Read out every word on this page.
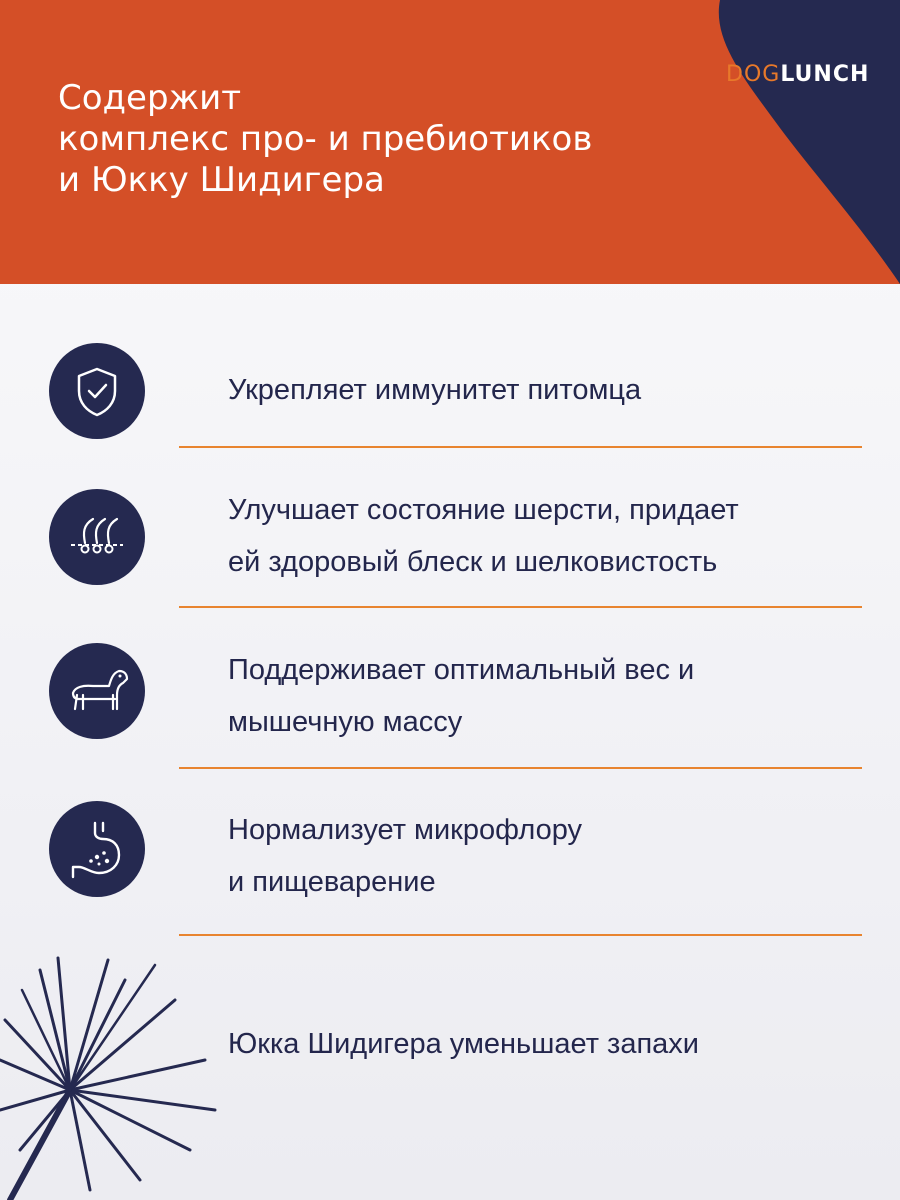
DOGLUNCH
Содержит
комплекс про- и пребиотиков
и Юкку Шидигера
Укрепляет иммунитет питомца
Улучшает состояние шерсти, придает
ей здоровый блеск и шелковистость
Поддерживает оптимальный вес и
мышечную массу
Нормализует микрофлору
и пищеварение
Юкка Шидигера уменьшает запахи
